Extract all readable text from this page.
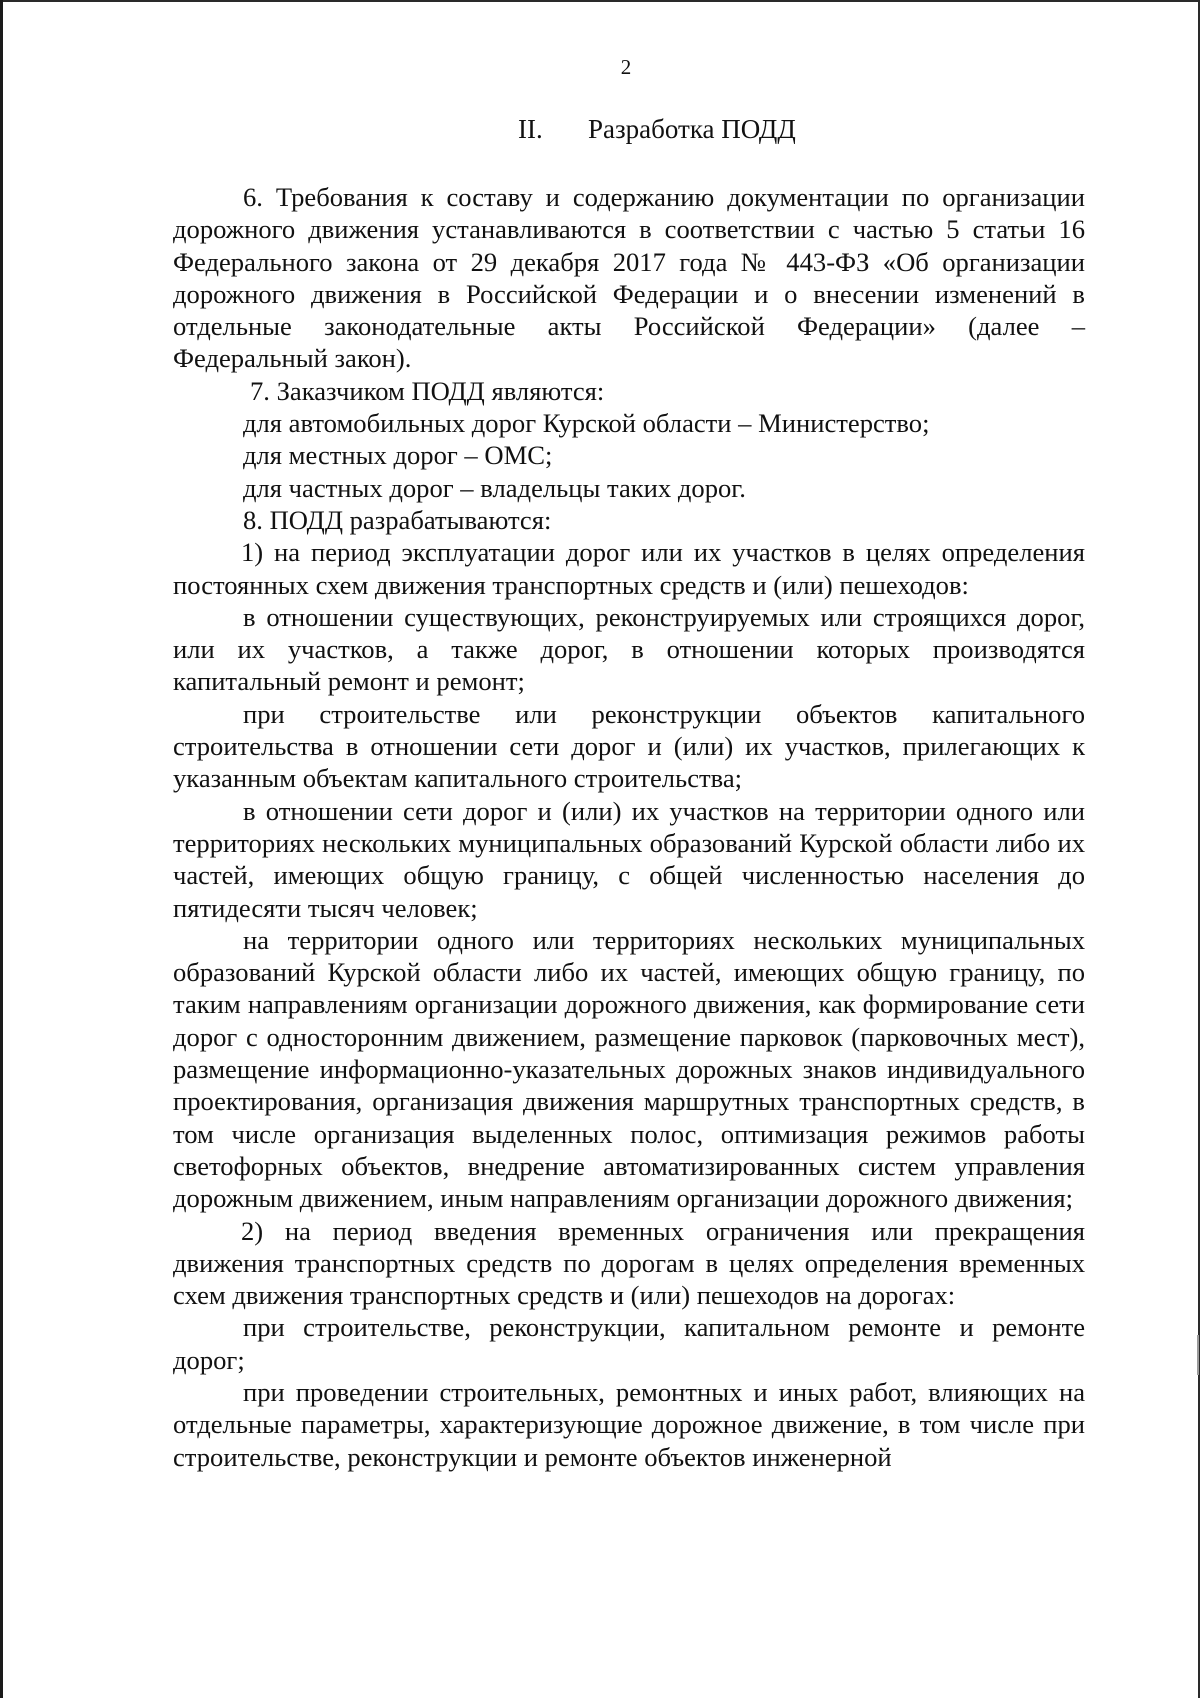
2
II. Разработка ПОДД

6. Требования к составу и содержанию документации по организации дорожного движения устанавливаются в соответствии с частью 5 статьи 16 Федерального закона от 29 декабря 2017 года № 443-ФЗ «Об организации дорожного движения в Российской Федерации и о внесении изменений в отдельные законодательные акты Российской Федерации» (далее – Федеральный закон).

7. Заказчиком ПОДД являются:

для автомобильных дорог Курской области – Министерство;

для местных дорог – ОМС;

для частных дорог – владельцы таких дорог.

8. ПОДД разрабатываются:

1) на период эксплуатации дорог или их участков в целях определения постоянных схем движения транспортных средств и (или) пешеходов:

в отношении существующих, реконструируемых или строящихся дорог, или их участков, а также дорог, в отношении которых производятся капитальный ремонт и ремонт;

при строительстве или реконструкции объектов капитального строительства в отношении сети дорог и (или) их участков, прилегающих к указанным объектам капитального строительства;

в отношении сети дорог и (или) их участков на территории одного или территориях нескольких муниципальных образований Курской области либо их частей, имеющих общую границу, с общей численностью населения до пятидесяти тысяч человек;

на территории одного или территориях нескольких муниципальных образований Курской области либо их частей, имеющих общую границу, по таким направлениям организации дорожного движения, как формирование сети дорог с односторонним движением, размещение парковок (парковочных мест), размещение информационно-указательных дорожных знаков индивидуального проектирования, организация движения маршрутных транспортных средств, в том числе организация выделенных полос, оптимизация режимов работы светофорных объектов, внедрение автоматизированных систем управления дорожным движением, иным направлениям организации дорожного движения;

2) на период введения временных ограничения или прекращения движения транспортных средств по дорогам в целях определения временных схем движения транспортных средств и (или) пешеходов на дорогах:

при строительстве, реконструкции, капитальном ремонте и ремонте дорог;

при проведении строительных, ремонтных и иных работ, влияющих на отдельные параметры, характеризующие дорожное движение, в том числе при строительстве, реконструкции и ремонте объектов инженерной
